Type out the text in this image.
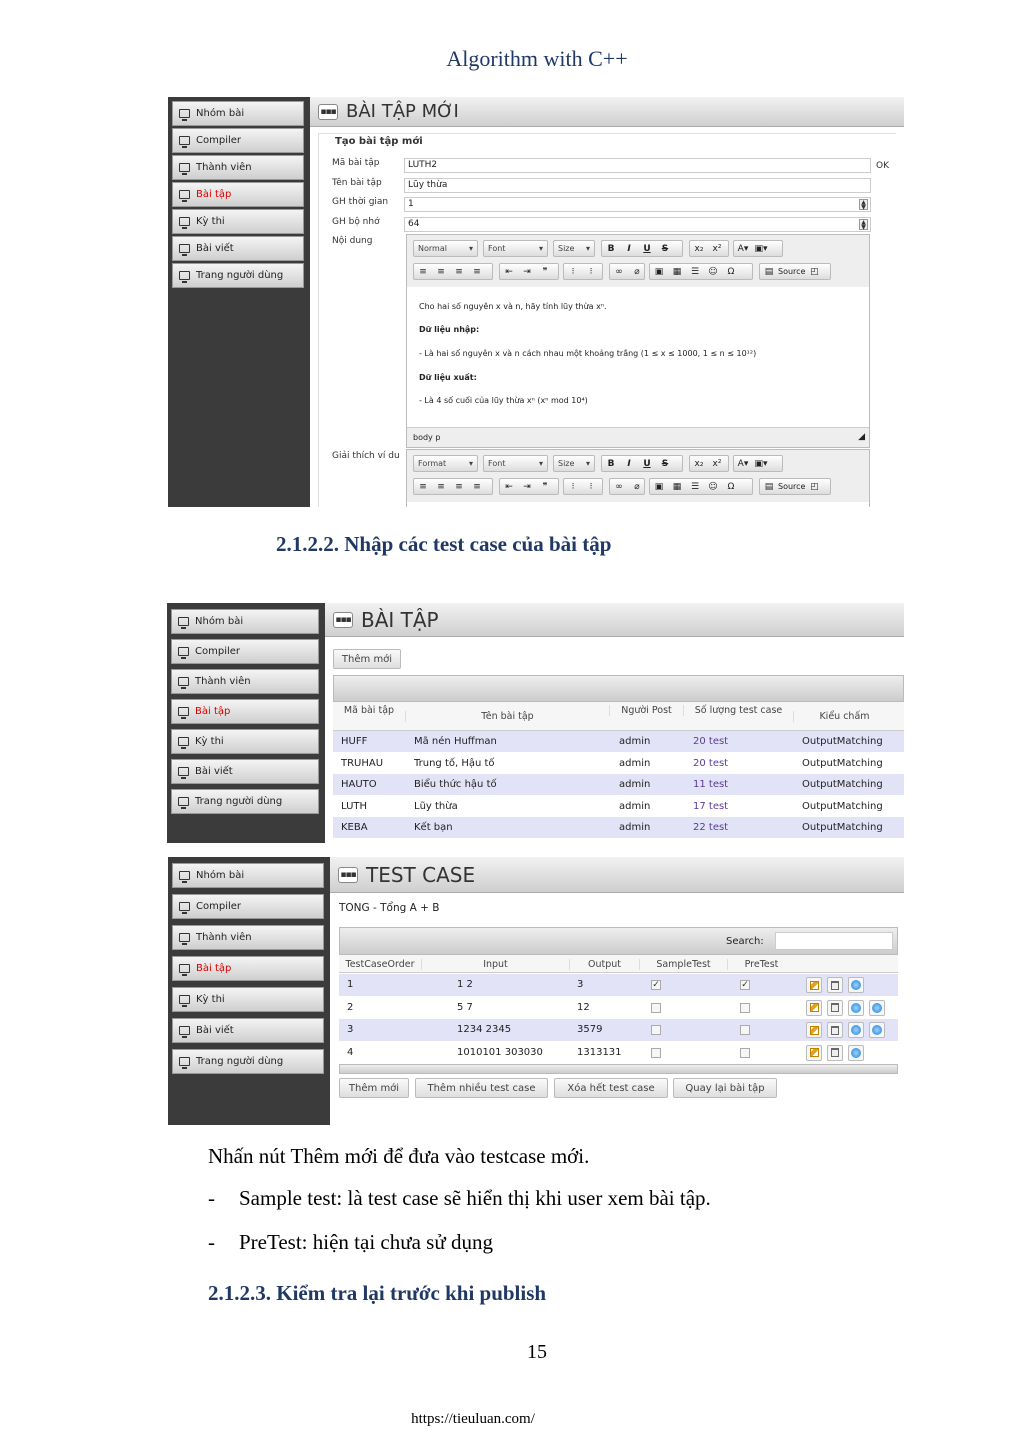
Algorithm with C++
Nhóm bài
Compiler
Thành viên
Bài tập
Kỳ thi
Bài viết
Trang người dùng
▪▪▪ BÀI TẬP MỚI
Tạo bài tập mới
Mã bài tập	LUTH2	OK
Tên bài tập	Lũy thừa
GH thời gian	1	▲
▼
GH bộ nhớ	64	▲
▼
Nội dung
Normal	▾ Font	▾ Size ▾	B	I	U	S	x₂	x²	A▾ ▣▾
≡	≡	≡	≡	⇤	⇥	❞	⁝	⁝	∞	⌀	▣	▦	☰	☺	Ω	▤ Source ◰
Cho hai số nguyên x và n, hãy tính lũy thừa xⁿ.
Dữ liệu nhập:
- Là hai số nguyên x và n cách nhau một khoảng trắng (1 ≤ x ≤ 1000, 1 ≤ n ≤ 10¹²)
Dữ liệu xuất:
- Là 4 số cuối của lũy thừa xⁿ (xⁿ mod 10⁴)
body p	◢
Giải thích ví du
Format	▾ Font	▾ Size ▾	B	I	U	S	x₂	x²	A▾ ▣▾
≡	≡	≡	≡	⇤	⇥	❞	⁝	⁝	∞	⌀	▣	▦	☰	☺	Ω	▤ Source ◰
2.1.2.2. Nhập các test case của bài tập
Nhóm bài
Compiler
Thành viên
Bài tập
Kỳ thi
Bài viết
Trang người dùng
▪▪▪ BÀI TẬP
Thêm mới
Mã bài tập
Tên bài tập
Người Post	Số lượng test case
Kiểu chấm
HUFF	Mã nén Huffman	admin	20 test	OutputMatching
TRUHAU	Trung tố, Hậu tố	admin	20 test	OutputMatching
HAUTO	Biểu thức hậu tố	admin	11 test	OutputMatching
LUTH	Lũy thừa	admin	17 test	OutputMatching
KEBA	Kết bạn	admin	22 test	OutputMatching
Nhóm bài
Compiler
Thành viên
Bài tập
Kỳ thi
Bài viết
Trang người dùng
▪▪▪ TEST CASE
TONG - Tổng A + B
Search:
TestCaseOrder	Input	Output	SampleTest	PreTest
1	1 2	3	✓	✓
2	5 7	12
3	1234 2345	3579
4	1010101 303030	1313131
Thêm mới	Thêm nhiều test case	Xóa hết test case	Quay lại bài tập
Nhấn nút Thêm mới để đưa vào testcase mới.
- Sample test: là test case sẽ hiển thị khi user xem bài tập.
- PreTest: hiện tại chưa sử dụng
2.1.2.3. Kiểm tra lại trước khi publish
15
https://tieuluan.com/
